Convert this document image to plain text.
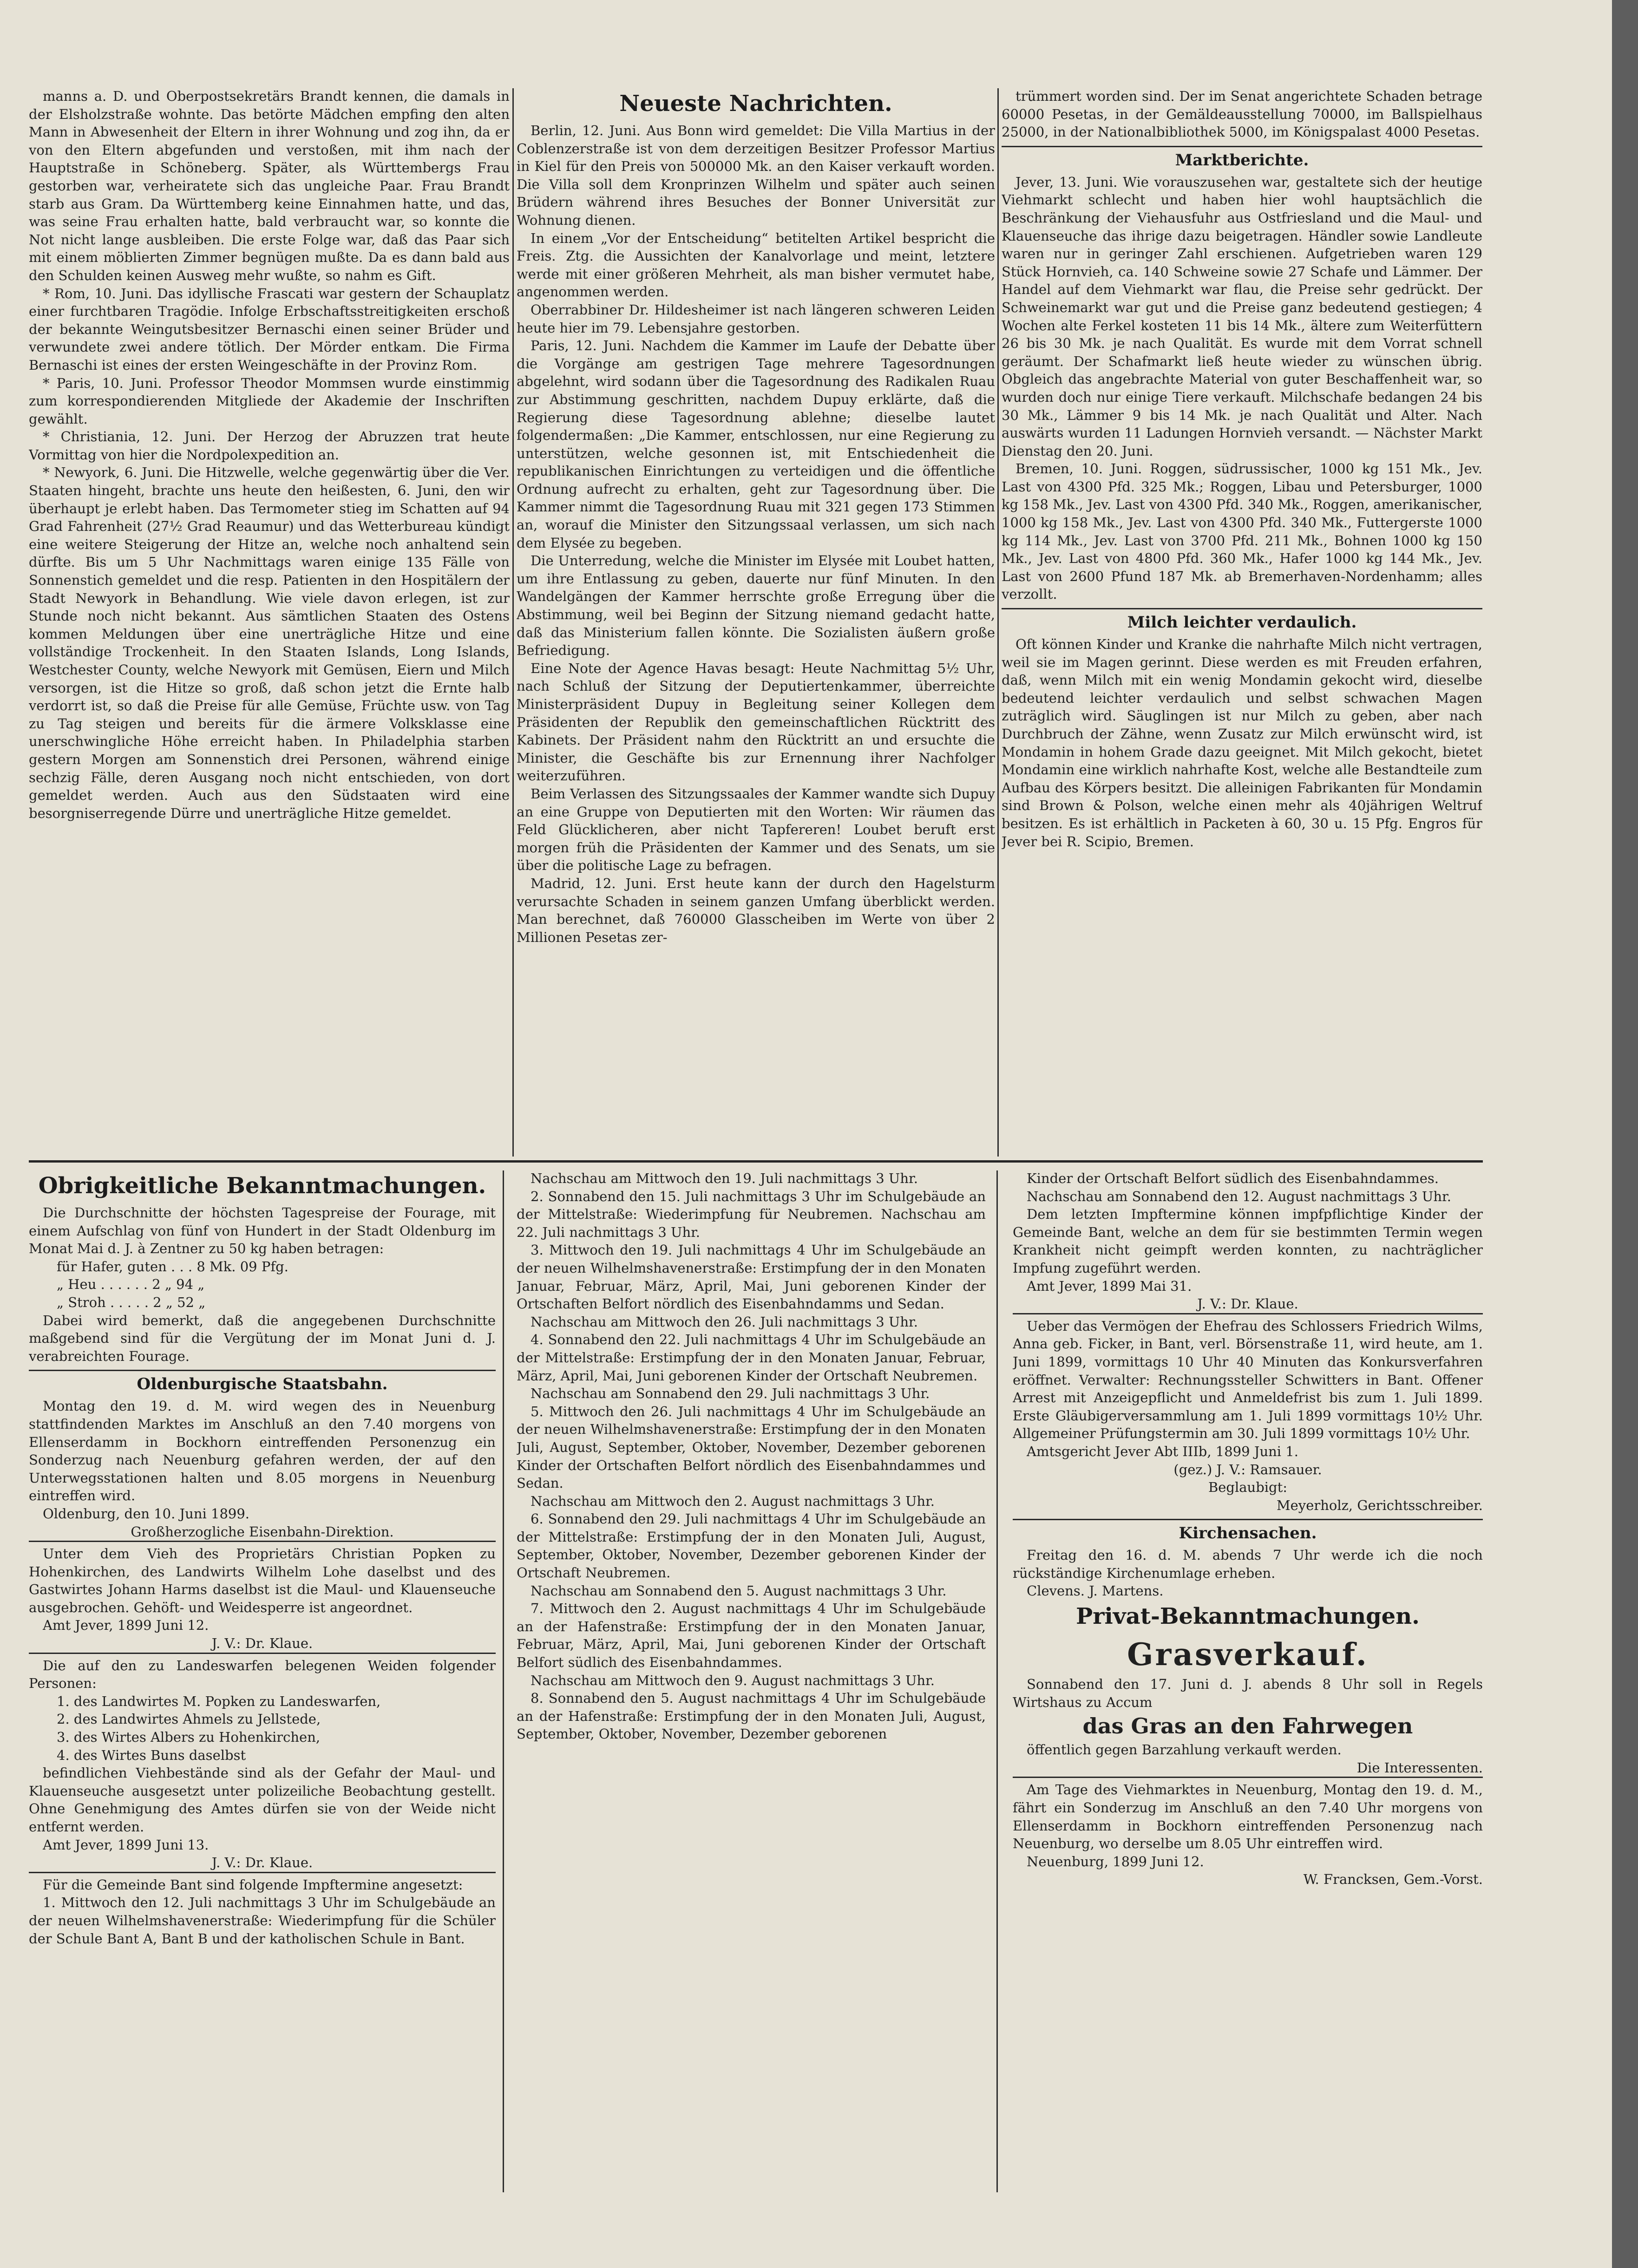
manns a. D. und Oberpostsekretärs Brandt kennen, die damals in der Elsholzstraße wohnte. Das betörte Mädchen empfing den alten Mann in Abwesenheit der Eltern in ihrer Wohnung und zog ihn, da er von den Eltern abgefunden und verstoßen, mit ihm nach der Hauptstraße in Schöneberg. Später, als Württembergs Frau gestorben war, verheiratete sich das ungleiche Paar. Frau Brandt starb aus Gram. Da Württemberg keine Einnahmen hatte, und das, was seine Frau erhalten hatte, bald verbraucht war, so konnte die Not nicht lange ausbleiben. Die erste Folge war, daß das Paar sich mit einem möblierten Zimmer begnügen mußte. Da es dann bald aus den Schulden keinen Ausweg mehr wußte, so nahm es Gift.

* Rom, 10. Juni. Das idyllische Frascati war gestern der Schauplatz einer furchtbaren Tragödie. Infolge Erbschaftsstreitigkeiten erschoß der bekannte Weingutsbesitzer Bernaschi einen seiner Brüder und verwundete zwei andere tötlich. Der Mörder entkam. Die Firma Bernaschi ist eines der ersten Weingeschäfte in der Provinz Rom.

* Paris, 10. Juni. Professor Theodor Mommsen wurde einstimmig zum korrespondierenden Mitgliede der Akademie der Inschriften gewählt.

* Christiania, 12. Juni. Der Herzog der Abruzzen trat heute Vormittag von hier die Nordpolexpedition an.

* Newyork, 6. Juni. Die Hitzwelle, welche gegenwärtig über die Ver. Staaten hingeht, brachte uns heute den heißesten, 6. Juni, den wir überhaupt je erlebt haben. Das Termometer stieg im Schatten auf 94 Grad Fahrenheit (27½ Grad Reaumur) und das Wetterbureau kündigt eine weitere Steigerung der Hitze an, welche noch anhaltend sein dürfte. Bis um 5 Uhr Nachmittags waren einige 135 Fälle von Sonnenstich gemeldet und die resp. Patienten in den Hospitälern der Stadt Newyork in Behandlung. Wie viele davon erlegen, ist zur Stunde noch nicht bekannt. Aus sämtlichen Staaten des Ostens kommen Meldungen über eine unerträgliche Hitze und eine vollständige Trockenheit. In den Staaten Islands, Long Islands, Westchester County, welche Newyork mit Gemüsen, Eiern und Milch versorgen, ist die Hitze so groß, daß schon jetzt die Ernte halb verdorrt ist, so daß die Preise für alle Gemüse, Früchte usw. von Tag zu Tag steigen und bereits für die ärmere Volksklasse eine unerschwingliche Höhe erreicht haben. In Philadelphia starben gestern Morgen am Sonnenstich drei Personen, während einige sechzig Fälle, deren Ausgang noch nicht entschieden, von dort gemeldet werden. Auch aus den Südstaaten wird eine besorgniserregende Dürre und unerträgliche Hitze gemeldet.

Neueste Nachrichten.

Berlin, 12. Juni. Aus Bonn wird gemeldet: Die Villa Martius in der Coblenzerstraße ist von dem derzeitigen Besitzer Professor Martius in Kiel für den Preis von 500000 Mk. an den Kaiser verkauft worden. Die Villa soll dem Kronprinzen Wilhelm und später auch seinen Brüdern während ihres Besuches der Bonner Universität zur Wohnung dienen.

In einem „Vor der Entscheidung“ betitelten Artikel bespricht die Freis. Ztg. die Aussichten der Kanalvorlage und meint, letztere werde mit einer größeren Mehrheit, als man bisher vermutet habe, angenommen werden.

Oberrabbiner Dr. Hildesheimer ist nach längeren schweren Leiden heute hier im 79. Lebensjahre gestorben.

Paris, 12. Juni. Nachdem die Kammer im Laufe der Debatte über die Vorgänge am gestrigen Tage mehrere Tagesordnungen abgelehnt, wird sodann über die Tagesordnung des Radikalen Ruau zur Abstimmung geschritten, nachdem Dupuy erklärte, daß die Regierung diese Tagesordnung ablehne; dieselbe lautet folgendermaßen: „Die Kammer, entschlossen, nur eine Regierung zu unterstützen, welche gesonnen ist, mit Entschiedenheit die republikanischen Einrichtungen zu verteidigen und die öffentliche Ordnung aufrecht zu erhalten, geht zur Tagesordnung über. Die Kammer nimmt die Tagesordnung Ruau mit 321 gegen 173 Stimmen an, worauf die Minister den Sitzungssaal verlassen, um sich nach dem Elysée zu begeben.

Die Unterredung, welche die Minister im Elysée mit Loubet hatten, um ihre Entlassung zu geben, dauerte nur fünf Minuten. In den Wandelgängen der Kammer herrschte große Erregung über die Abstimmung, weil bei Beginn der Sitzung niemand gedacht hatte, daß das Ministerium fallen könnte. Die Sozialisten äußern große Befriedigung.

Eine Note der Agence Havas besagt: Heute Nachmittag 5½ Uhr, nach Schluß der Sitzung der Deputiertenkammer, überreichte Ministerpräsident Dupuy in Begleitung seiner Kollegen dem Präsidenten der Republik den gemeinschaftlichen Rücktritt des Kabinets. Der Präsident nahm den Rücktritt an und ersuchte die Minister, die Geschäfte bis zur Ernennung ihrer Nachfolger weiterzuführen.

Beim Verlassen des Sitzungssaales der Kammer wandte sich Dupuy an eine Gruppe von Deputierten mit den Worten: Wir räumen das Feld Glücklicheren, aber nicht Tapfereren! Loubet beruft erst morgen früh die Präsidenten der Kammer und des Senats, um sie über die politische Lage zu befragen.

Madrid, 12. Juni. Erst heute kann der durch den Hagelsturm verursachte Schaden in seinem ganzen Umfang überblickt werden. Man berechnet, daß 760000 Glasscheiben im Werte von über 2 Millionen Pesetas zer-

trümmert worden sind. Der im Senat angerichtete Schaden betrage 60000 Pesetas, in der Gemäldeausstellung 70000, im Ballspielhaus 25000, in der Nationalbibliothek 5000, im Königspalast 4000 Pesetas.

Marktberichte.

Jever, 13. Juni. Wie vorauszusehen war, gestaltete sich der heutige Viehmarkt schlecht und haben hier wohl hauptsächlich die Beschränkung der Viehausfuhr aus Ostfriesland und die Maul- und Klauenseuche das ihrige dazu beigetragen. Händler sowie Landleute waren nur in geringer Zahl erschienen. Aufgetrieben waren 129 Stück Hornvieh, ca. 140 Schweine sowie 27 Schafe und Lämmer. Der Handel auf dem Viehmarkt war flau, die Preise sehr gedrückt. Der Schweinemarkt war gut und die Preise ganz bedeutend gestiegen; 4 Wochen alte Ferkel kosteten 11 bis 14 Mk., ältere zum Weiterfüttern 26 bis 30 Mk. je nach Qualität. Es wurde mit dem Vorrat schnell geräumt. Der Schafmarkt ließ heute wieder zu wünschen übrig. Obgleich das angebrachte Material von guter Beschaffenheit war, so wurden doch nur einige Tiere verkauft. Milchschafe bedangen 24 bis 30 Mk., Lämmer 9 bis 14 Mk. je nach Qualität und Alter. Nach auswärts wurden 11 Ladungen Hornvieh versandt. — Nächster Markt Dienstag den 20. Juni.

Bremen, 10. Juni. Roggen, südrussischer, 1000 kg 151 Mk., Jev. Last von 4300 Pfd. 325 Mk.; Roggen, Libau und Petersburger, 1000 kg 158 Mk., Jev. Last von 4300 Pfd. 340 Mk., Roggen, amerikanischer, 1000 kg 158 Mk., Jev. Last von 4300 Pfd. 340 Mk., Futtergerste 1000 kg 114 Mk., Jev. Last von 3700 Pfd. 211 Mk., Bohnen 1000 kg 150 Mk., Jev. Last von 4800 Pfd. 360 Mk., Hafer 1000 kg 144 Mk., Jev. Last von 2600 Pfund 187 Mk. ab Bremerhaven-Nordenhamm; alles verzollt.

Milch leichter verdaulich.

Oft können Kinder und Kranke die nahrhafte Milch nicht vertragen, weil sie im Magen gerinnt. Diese werden es mit Freuden erfahren, daß, wenn Milch mit ein wenig Mondamin gekocht wird, dieselbe bedeutend leichter verdaulich und selbst schwachen Magen zuträglich wird. Säuglingen ist nur Milch zu geben, aber nach Durchbruch der Zähne, wenn Zusatz zur Milch erwünscht wird, ist Mondamin in hohem Grade dazu geeignet. Mit Milch gekocht, bietet Mondamin eine wirklich nahrhafte Kost, welche alle Bestandteile zum Aufbau des Körpers besitzt. Die alleinigen Fabrikanten für Mondamin sind Brown & Polson, welche einen mehr als 40jährigen Weltruf besitzen. Es ist erhältlich in Packeten à 60, 30 u. 15 Pfg. Engros für Jever bei R. Scipio, Bremen.

Obrigkeitliche Bekanntmachungen.

Die Durchschnitte der höchsten Tagespreise der Fourage, mit einem Aufschlag von fünf von Hundert in der Stadt Oldenburg im Monat Mai d. J. à Zentner zu 50 kg haben betragen:

für Hafer, guten . . . 8 Mk. 09 Pfg.

„ Heu . . . . . . 2 „ 94 „

„ Stroh . . . . . 2 „ 52 „

Dabei wird bemerkt, daß die angegebenen Durchschnitte maßgebend sind für die Vergütung der im Monat Juni d. J. verabreichten Fourage.

Oldenburgische Staatsbahn.

Montag den 19. d. M. wird wegen des in Neuenburg stattfindenden Marktes im Anschluß an den 7.40 morgens von Ellenserdamm in Bockhorn eintreffenden Personenzug ein Sonderzug nach Neuenburg gefahren werden, der auf den Unterwegsstationen halten und 8.05 morgens in Neuenburg eintreffen wird.

Oldenburg, den 10. Juni 1899.

Großherzogliche Eisenbahn-Direktion.

Unter dem Vieh des Proprietärs Christian Popken zu Hohenkirchen, des Landwirts Wilhelm Lohe daselbst und des Gastwirtes Johann Harms daselbst ist die Maul- und Klauenseuche ausgebrochen. Gehöft- und Weidesperre ist angeordnet.

Amt Jever, 1899 Juni 12.

J. V.: Dr. Klaue.

Die auf den zu Landeswarfen belegenen Weiden folgender Personen:

1. des Landwirtes M. Popken zu Landeswarfen,

2. des Landwirtes Ahmels zu Jellstede,

3. des Wirtes Albers zu Hohenkirchen,

4. des Wirtes Buns daselbst

befindlichen Viehbestände sind als der Gefahr der Maul- und Klauenseuche ausgesetzt unter polizeiliche Beobachtung gestellt. Ohne Genehmigung des Amtes dürfen sie von der Weide nicht entfernt werden.

Amt Jever, 1899 Juni 13.

J. V.: Dr. Klaue.

Für die Gemeinde Bant sind folgende Impftermine angesetzt:

1. Mittwoch den 12. Juli nachmittags 3 Uhr im Schulgebäude an der neuen Wilhelmshavenerstraße: Wiederimpfung für die Schüler der Schule Bant A, Bant B und der katholischen Schule in Bant.

Nachschau am Mittwoch den 19. Juli nachmittags 3 Uhr.

2. Sonnabend den 15. Juli nachmittags 3 Uhr im Schulgebäude an der Mittelstraße: Wiederimpfung für Neubremen. Nachschau am 22. Juli nachmittags 3 Uhr.

3. Mittwoch den 19. Juli nachmittags 4 Uhr im Schulgebäude an der neuen Wilhelmshavenerstraße: Erstimpfung der in den Monaten Januar, Februar, März, April, Mai, Juni geborenen Kinder der Ortschaften Belfort nördlich des Eisenbahndamms und Sedan.

Nachschau am Mittwoch den 26. Juli nachmittags 3 Uhr.

4. Sonnabend den 22. Juli nachmittags 4 Uhr im Schulgebäude an der Mittelstraße: Erstimpfung der in den Monaten Januar, Februar, März, April, Mai, Juni geborenen Kinder der Ortschaft Neubremen.

Nachschau am Sonnabend den 29. Juli nachmittags 3 Uhr.

5. Mittwoch den 26. Juli nachmittags 4 Uhr im Schulgebäude an der neuen Wilhelmshavenerstraße: Erstimpfung der in den Monaten Juli, August, September, Oktober, November, Dezember geborenen Kinder der Ortschaften Belfort nördlich des Eisenbahndammes und Sedan.

Nachschau am Mittwoch den 2. August nachmittags 3 Uhr.

6. Sonnabend den 29. Juli nachmittags 4 Uhr im Schulgebäude an der Mittelstraße: Erstimpfung der in den Monaten Juli, August, September, Oktober, November, Dezember geborenen Kinder der Ortschaft Neubremen.

Nachschau am Sonnabend den 5. August nachmittags 3 Uhr.

7. Mittwoch den 2. August nachmittags 4 Uhr im Schulgebäude an der Hafenstraße: Erstimpfung der in den Monaten Januar, Februar, März, April, Mai, Juni geborenen Kinder der Ortschaft Belfort südlich des Eisenbahndammes.

Nachschau am Mittwoch den 9. August nachmittags 3 Uhr.

8. Sonnabend den 5. August nachmittags 4 Uhr im Schulgebäude an der Hafenstraße: Erstimpfung der in den Monaten Juli, August, September, Oktober, November, Dezember geborenen

Kinder der Ortschaft Belfort südlich des Eisenbahndammes.

Nachschau am Sonnabend den 12. August nachmittags 3 Uhr.

Dem letzten Impftermine können impfpflichtige Kinder der Gemeinde Bant, welche an dem für sie bestimmten Termin wegen Krankheit nicht geimpft werden konnten, zu nachträglicher Impfung zugeführt werden.

Amt Jever, 1899 Mai 31.

J. V.: Dr. Klaue.

Ueber das Vermögen der Ehefrau des Schlossers Friedrich Wilms, Anna geb. Ficker, in Bant, verl. Börsenstraße 11, wird heute, am 1. Juni 1899, vormittags 10 Uhr 40 Minuten das Konkursverfahren eröffnet. Verwalter: Rechnungssteller Schwitters in Bant. Offener Arrest mit Anzeigepflicht und Anmeldefrist bis zum 1. Juli 1899. Erste Gläubigerversammlung am 1. Juli 1899 vormittags 10½ Uhr. Allgemeiner Prüfungstermin am 30. Juli 1899 vormittags 10½ Uhr.

Amtsgericht Jever Abt IIIb, 1899 Juni 1.

(gez.) J. V.: Ramsauer.

Beglaubigt:

Meyerholz, Gerichtsschreiber.

Kirchensachen.

Freitag den 16. d. M. abends 7 Uhr werde ich die noch rückständige Kirchenumlage erheben.

Clevens. J. Martens.

Privat-Bekanntmachungen.

Grasverkauf.

Sonnabend den 17. Juni d. J. abends 8 Uhr soll in Regels Wirtshaus zu Accum

das Gras an den Fahrwegen

öffentlich gegen Barzahlung verkauft werden.

Die Interessenten.

Am Tage des Viehmarktes in Neuenburg, Montag den 19. d. M., fährt ein Sonderzug im Anschluß an den 7.40 Uhr morgens von Ellenserdamm in Bockhorn eintreffenden Personenzug nach Neuenburg, wo derselbe um 8.05 Uhr eintreffen wird.

Neuenburg, 1899 Juni 12.

W. Francksen, Gem.-Vorst.
